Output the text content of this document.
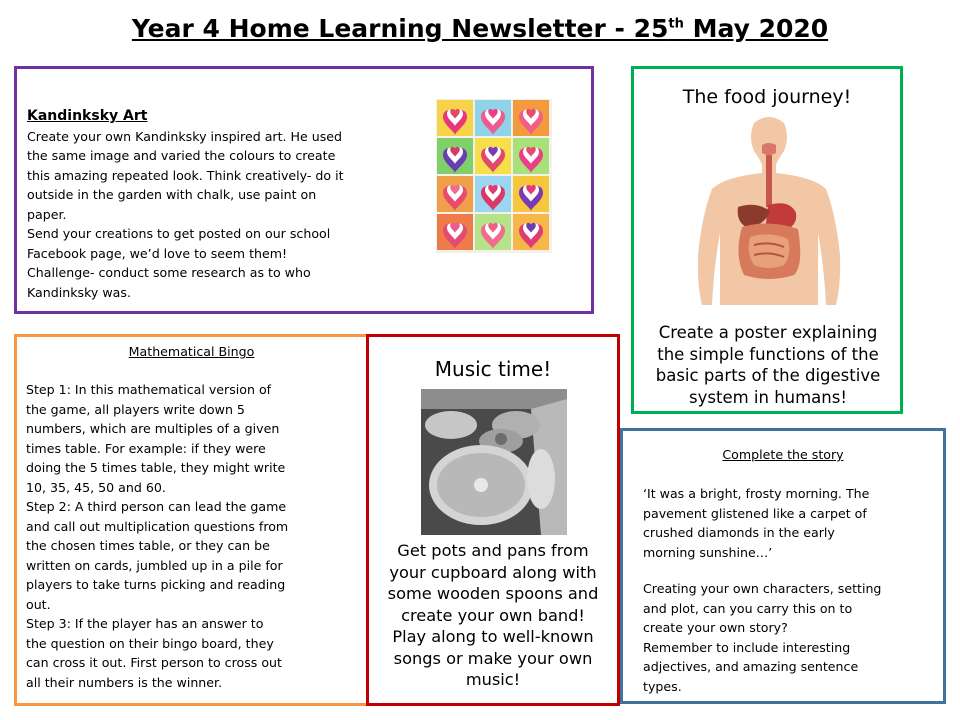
Year 4 Home Learning Newsletter - 25th May 2020
Kandinksky Art
Create your own Kandinksky inspired art. He used
the same image and varied the colours to create
this amazing repeated look. Think creatively- do it
outside in the garden with chalk, use paint on
paper.
Send your creations to get posted on our school
Facebook page, we’d love to seem them!
Challenge- conduct some research as to who
Kandinksky was.
The food journey!
Create a poster explaining
the simple functions of the
basic parts of the digestive
system in humans!
Mathematical Bingo
Step 1: In this mathematical version of
the game, all players write down 5
numbers, which are multiples of a given
times table. For example: if they were
doing the 5 times table, they might write
10, 35, 45, 50 and 60.
Step 2: A third person can lead the game
and call out multiplication questions from
the chosen times table, or they can be
written on cards, jumbled up in a pile for
players to take turns picking and reading
out.
Step 3: If the player has an answer to
the question on their bingo board, they
can cross it out. First person to cross out
all their numbers is the winner.
Music time!
Get pots and pans from
your cupboard along with
some wooden spoons and
create your own band!
Play along to well-known
songs or make your own
music!
Complete the story
‘It was a bright, frosty morning. The
pavement glistened like a carpet of
crushed diamonds in the early
morning sunshine…’
Creating your own characters, setting
and plot, can you carry this on to
create your own story?
Remember to include interesting
adjectives, and amazing sentence
types.
